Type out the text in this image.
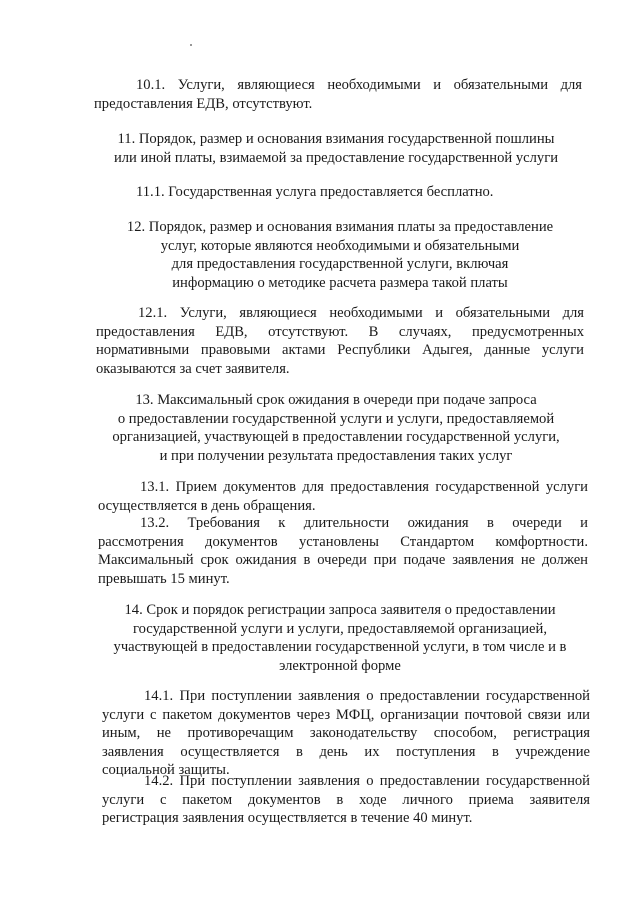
10.1. Услуги, являющиеся необходимыми и обязательными для
предоставления ЕДВ, отсутствуют.
11. Порядок, размер и основания взимания государственной пошлины
или иной платы, взимаемой за предоставление государственной услуги
11.1. Государственная услуга предоставляется бесплатно.
12. Порядок, размер и основания взимания платы за предоставление
услуг, которые являются необходимыми и обязательными
для предоставления государственной услуги, включая
информацию о методике расчета размера такой платы
12.1. Услуги, являющиеся необходимыми и обязательными для
предоставления ЕДВ, отсутствуют. В случаях, предусмотренных
нормативными правовыми актами Республики Адыгея, данные услуги
оказываются за счет заявителя.
13. Максимальный срок ожидания в очереди при подаче запроса
о предоставлении государственной услуги и услуги, предоставляемой
организацией, участвующей в предоставлении государственной услуги,
и при получении результата предоставления таких услуг
13.1. Прием документов для предоставления государственной услуги
осуществляется в день обращения.
13.2. Требования к длительности ожидания в очереди и
рассмотрения документов установлены Стандартом комфортности.
Максимальный срок ожидания в очереди при подаче заявления не должен
превышать 15 минут.
14. Срок и порядок регистрации запроса заявителя о предоставлении
государственной услуги и услуги, предоставляемой организацией,
участвующей в предоставлении государственной услуги, в том числе и в
электронной форме
14.1. При поступлении заявления о предоставлении государственной
услуги с пакетом документов через МФЦ, организации почтовой связи или
иным, не противоречащим законодательству способом, регистрация
заявления осуществляется в день их поступления в учреждение
социальной защиты.
14.2. При поступлении заявления о предоставлении государственной
услуги с пакетом документов в ходе личного приема заявителя
регистрация заявления осуществляется в течение 40 минут.
